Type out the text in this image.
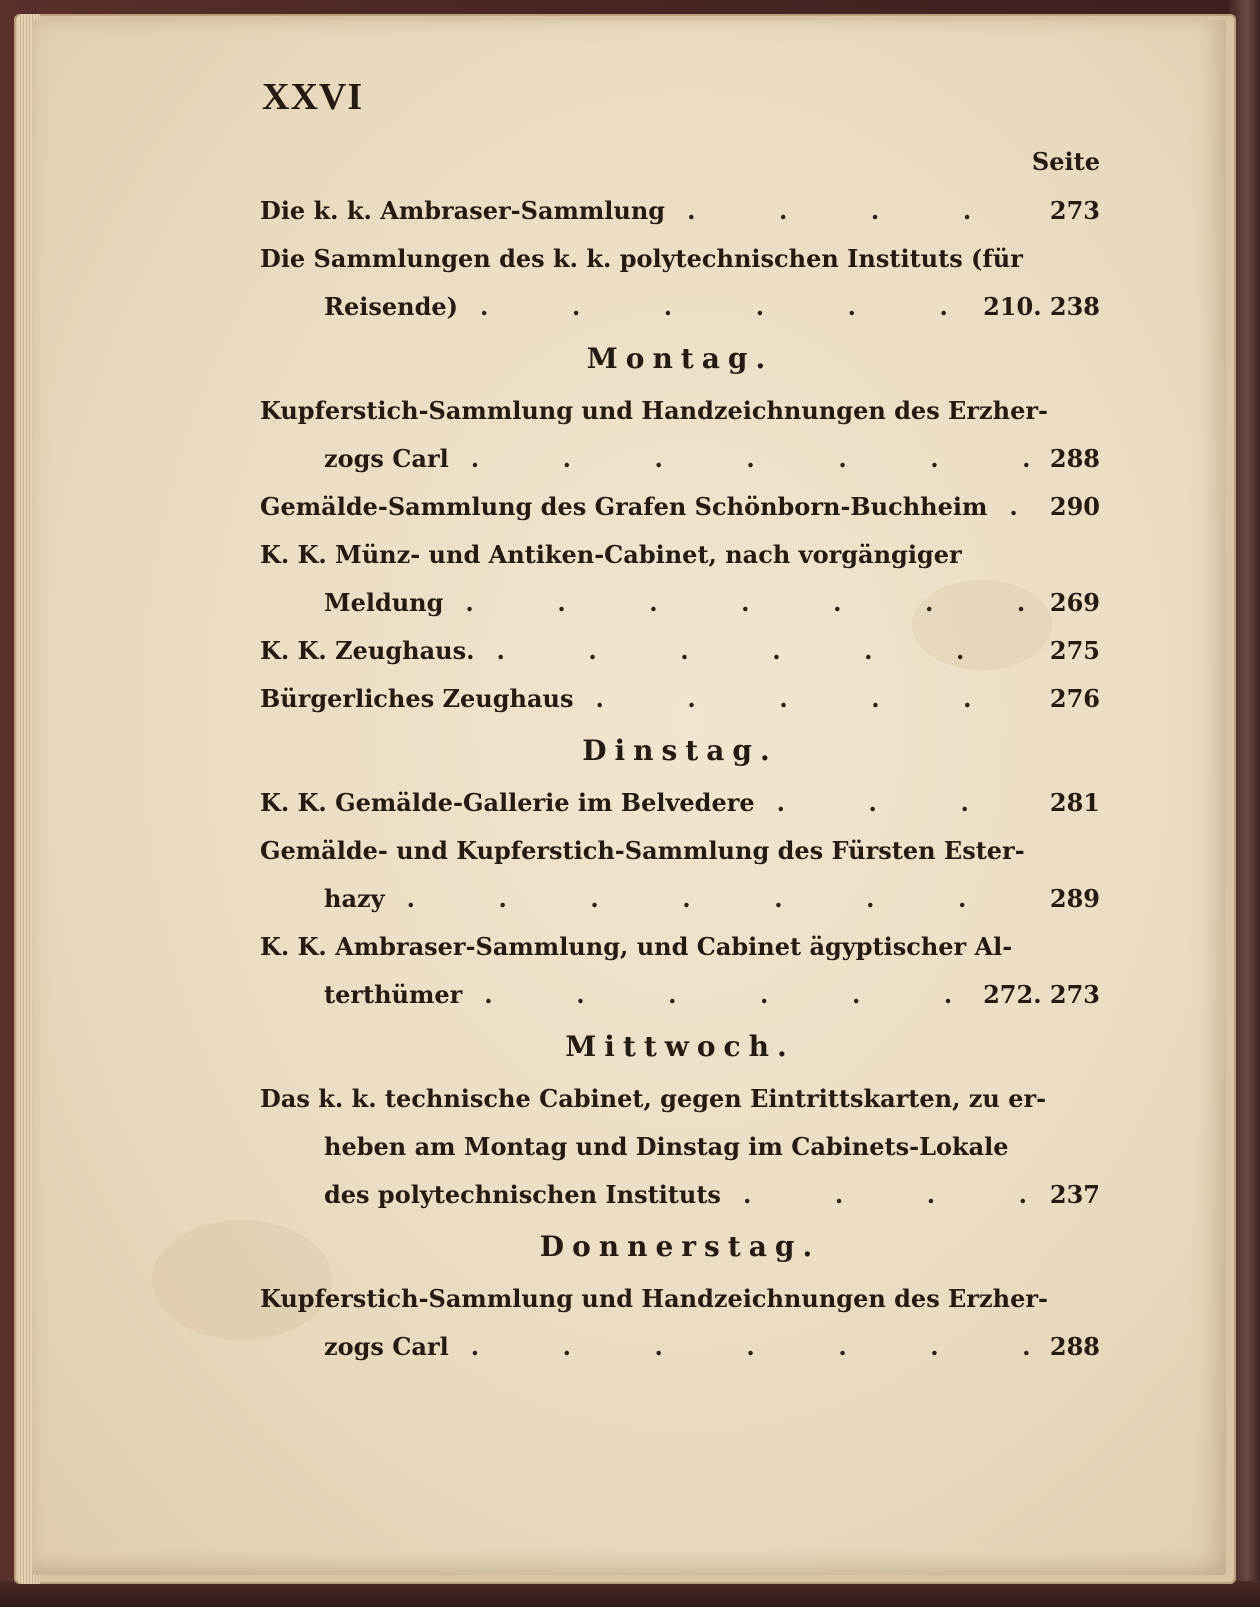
XXVI
Seite
Die k. k. Ambraser-Sammlung .	273
Die Sammlungen des k. k. polytechnischen Instituts (für
Reisende) .	210. 238
Montag.
Kupferstich-Sammlung und Handzeichnungen des Erzher-
zogs Carl .	288
Gemälde-Sammlung des Grafen Schönborn-Buchheim .	290
K. K. Münz- und Antiken-Cabinet, nach vorgängiger
Meldung .	269
K. K. Zeughaus. .	275
Bürgerliches Zeughaus .	276
Dinstag.
K. K. Gemälde-Gallerie im Belvedere .	281
Gemälde- und Kupferstich-Sammlung des Fürsten Ester-
hazy .	289
K. K. Ambraser-Sammlung, und Cabinet ägyptischer Al-
terthümer .	272. 273
Mittwoch.
Das k. k. technische Cabinet, gegen Eintrittskarten, zu er-
heben am Montag und Dinstag im Cabinets-Lokale
des polytechnischen Instituts .	237
Donnerstag.
Kupferstich-Sammlung und Handzeichnungen des Erzher-
zogs Carl .	288
